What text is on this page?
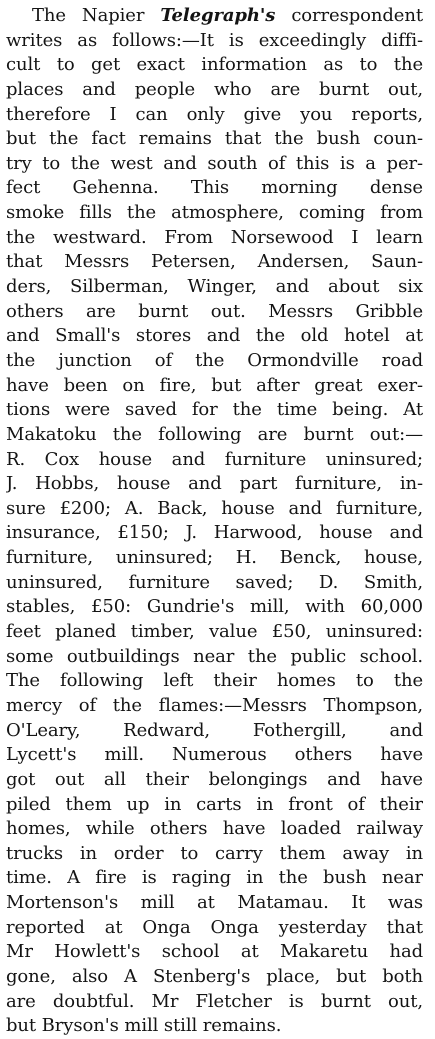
The Napier Telegraph's correspondent
writes as follows:—It is exceedingly diffi-
cult to get exact information as to the
places and people who are burnt out,
therefore I can only give you reports,
but the fact remains that the bush coun-
try to the west and south of this is a per-
fect Gehenna. This morning dense
smoke fills the atmosphere, coming from
the westward. From Norsewood I learn
that Messrs Petersen, Andersen, Saun-
ders, Silberman, Winger, and about six
others are burnt out. Messrs Gribble
and Small's stores and the old hotel at
the junction of the Ormondville road
have been on fire, but after great exer-
tions were saved for the time being. At
Makatoku the following are burnt out:—
R. Cox house and furniture uninsured;
J. Hobbs, house and part furniture, in-
sure £200; A. Back, house and furniture,
insurance, £150; J. Harwood, house and
furniture, uninsured; H. Benck, house,
uninsured, furniture saved; D. Smith,
stables, £50: Gundrie's mill, with 60,000
feet planed timber, value £50, uninsured:
some outbuildings near the public school.
The following left their homes to the
mercy of the flames:—Messrs Thompson,
O'Leary, Redward, Fothergill, and
Lycett's mill. Numerous others have
got out all their belongings and have
piled them up in carts in front of their
homes, while others have loaded railway
trucks in order to carry them away in
time. A fire is raging in the bush near
Mortenson's mill at Matamau. It was
reported at Onga Onga yesterday that
Mr Howlett's school at Makaretu had
gone, also A Stenberg's place, but both
are doubtful. Mr Fletcher is burnt out,
but Bryson's mill still remains.
